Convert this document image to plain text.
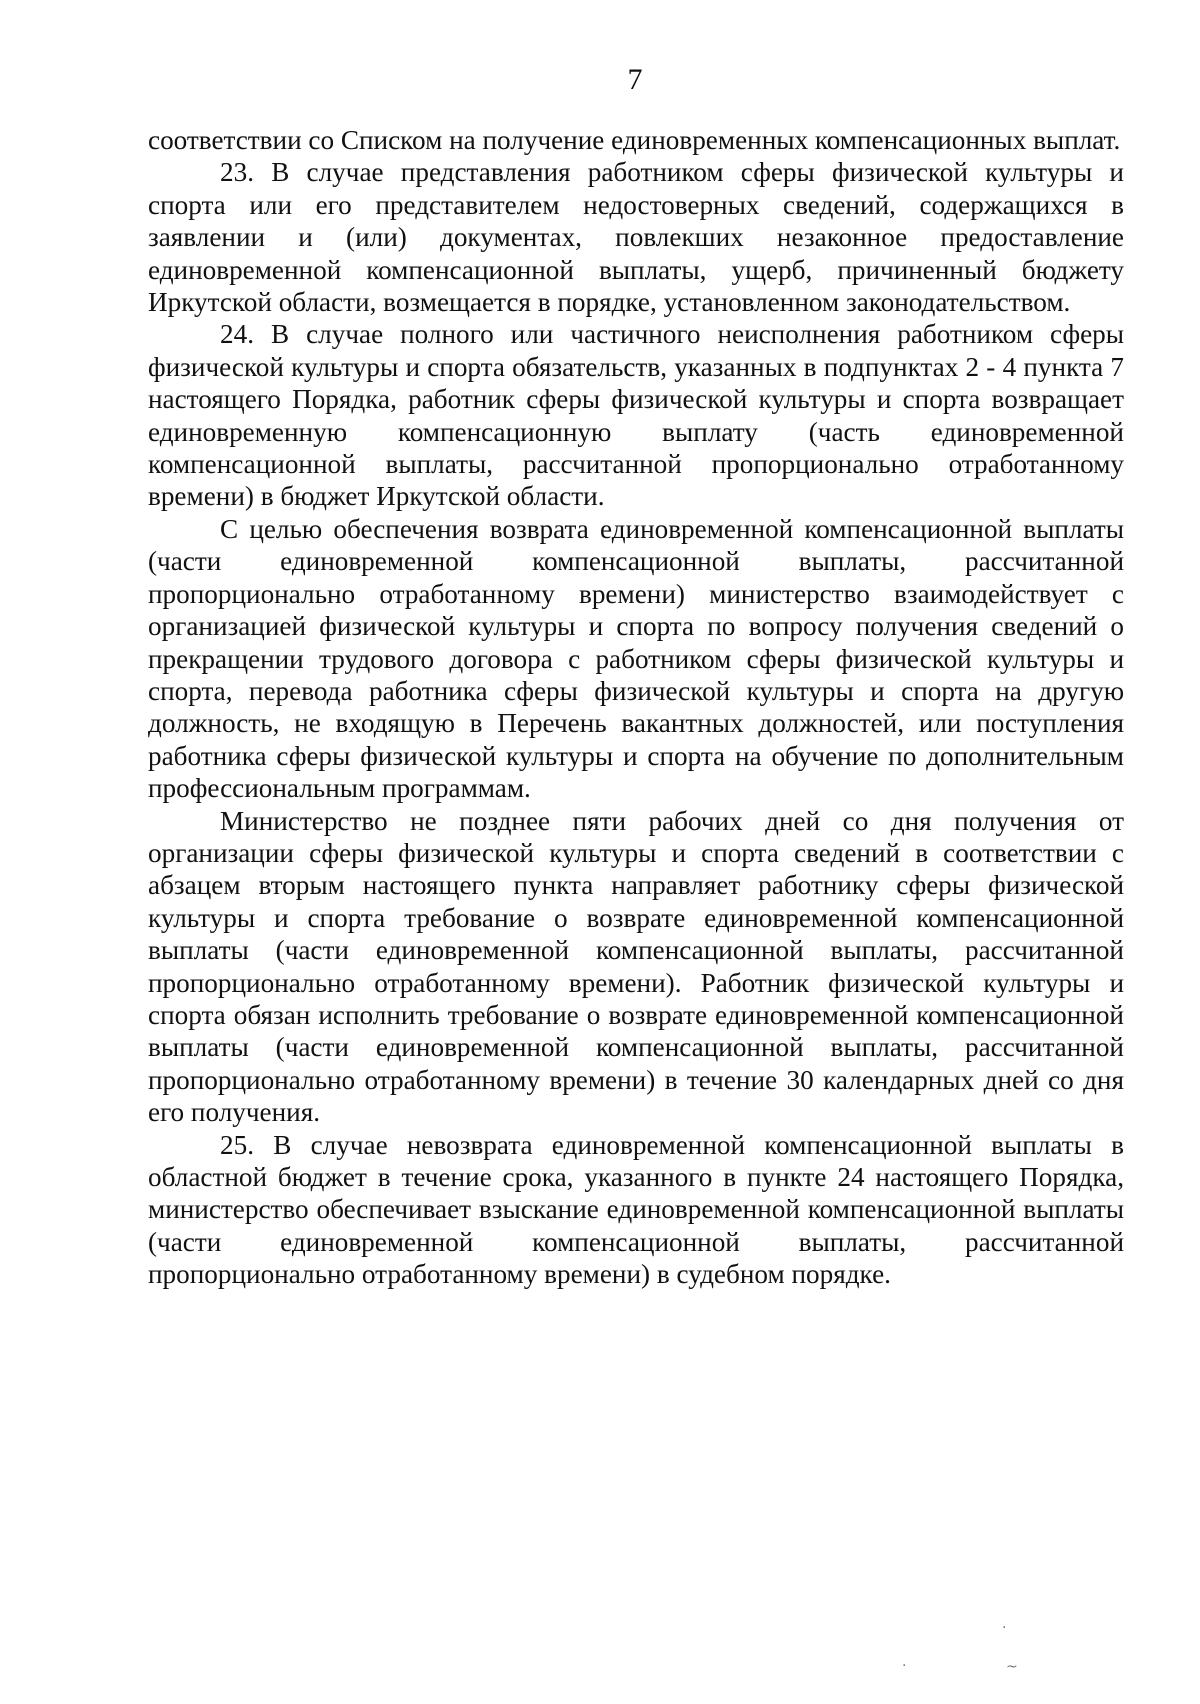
7

соответствии со Списком на получение единовременных компенсационных выплат.

23. В случае представления работником сферы физической культуры и спорта или его представителем недостоверных сведений, содержащихся в заявлении и (или) документах, повлекших незаконное предоставление единовременной компенсационной выплаты, ущерб, причиненный бюджету Иркутской области, возмещается в порядке, установленном законодательством.

24. В случае полного или частичного неисполнения работником сферы физической культуры и спорта обязательств, указанных в подпунктах 2 - 4 пункта 7 настоящего Порядка, работник сферы физической культуры и спорта возвращает единовременную компенсационную выплату (часть единовременной компенсационной выплаты, рассчитанной пропорционально отработанному времени) в бюджет Иркутской области.

С целью обеспечения возврата единовременной компенсационной выплаты (части единовременной компенсационной выплаты, рассчитанной пропорционально отработанному времени) министерство взаимодействует с организацией физической культуры и спорта по вопросу получения сведений о прекращении трудового договора с работником сферы физической культуры и спорта, перевода работника сферы физической культуры и спорта на другую должность, не входящую в Перечень вакантных должностей, или поступления работника сферы физической культуры и спорта на обучение по дополнительным профессиональным программам.

Министерство не позднее пяти рабочих дней со дня получения от организации сферы физической культуры и спорта сведений в соответствии с абзацем вторым настоящего пункта направляет работнику сферы физической культуры и спорта требование о возврате единовременной компенсационной выплаты (части единовременной компенсационной выплаты, рассчитанной пропорционально отработанному времени). Работник физической культуры и спорта обязан исполнить требование о возврате единовременной компенсационной выплаты (части единовременной компенсационной выплаты, рассчитанной пропорционально отработанному времени) в течение 30 календарных дней со дня его получения.

25. В случае невозврата единовременной компенсационной выплаты в областной бюджет в течение срока, указанного в пункте 24 настоящего Порядка, министерство обеспечивает взыскание единовременной компенсационной выплаты (части единовременной компенсационной выплаты, рассчитанной пропорционально отработанному времени) в судебном порядке.

·
·	~
